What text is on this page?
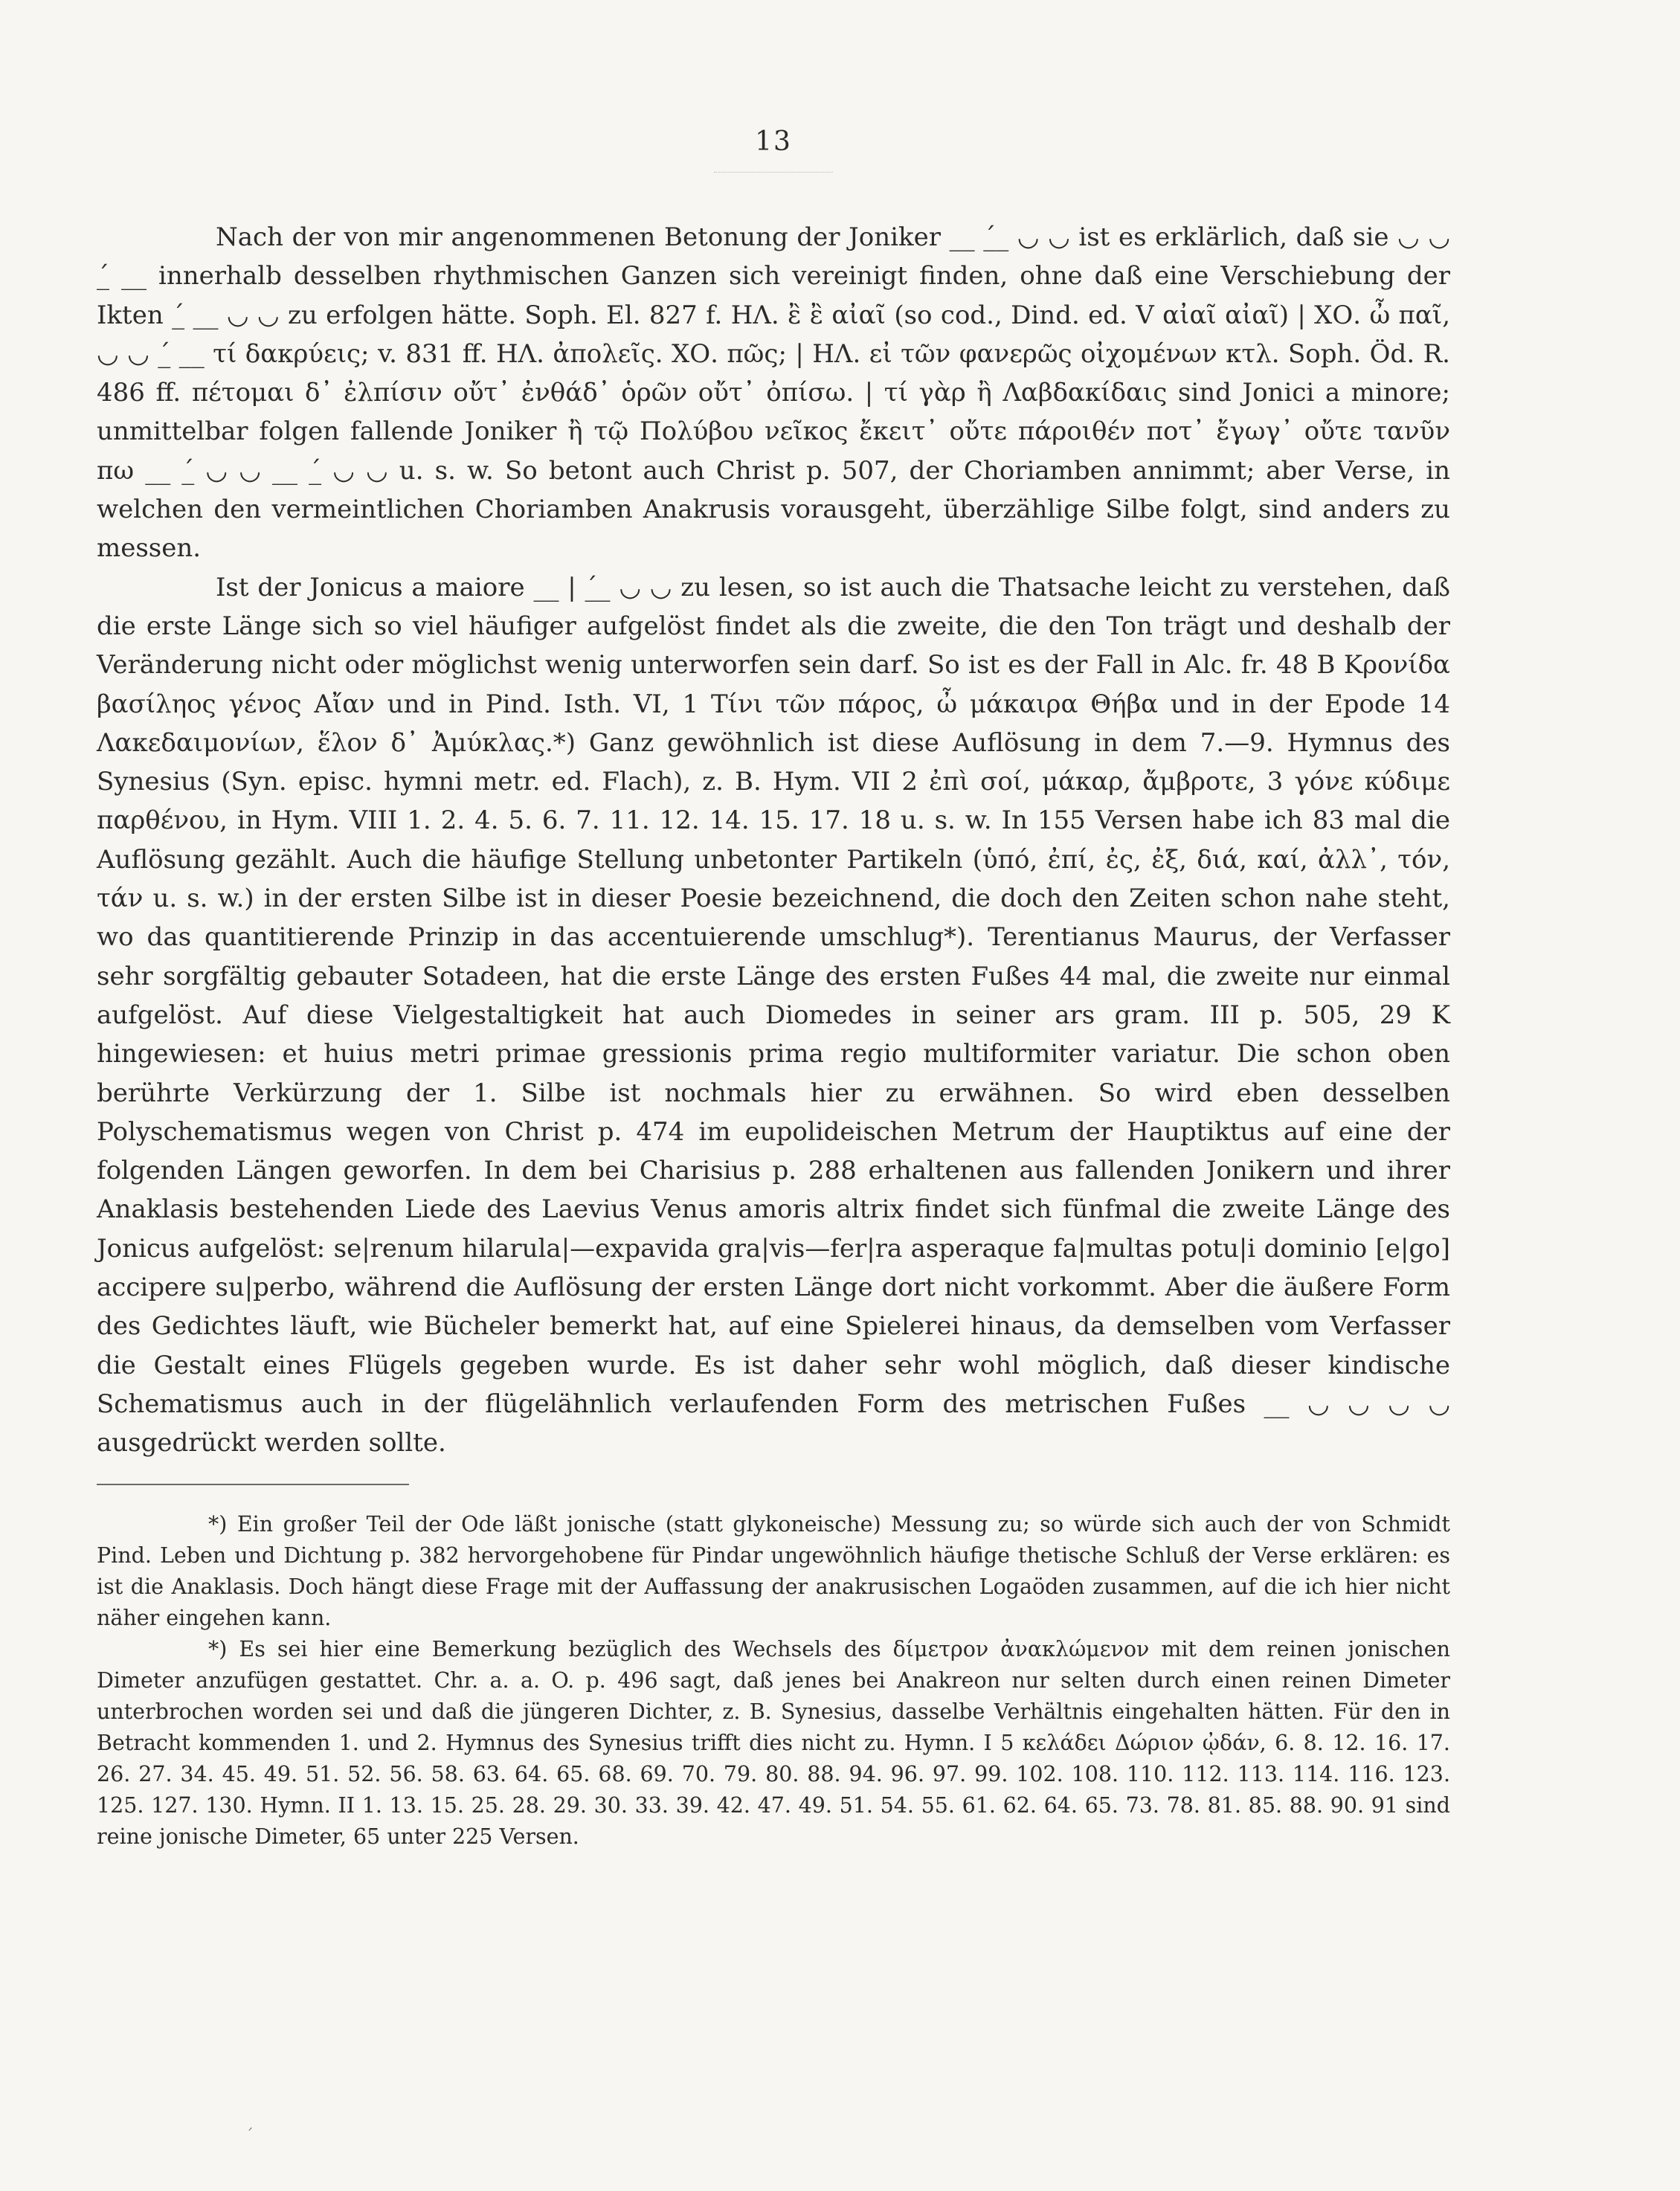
13

Nach der von mir angenommenen Betonung der Joniker __ _́_ ◡ ◡ ist es erklärlich, daß sie ◡ ◡ _́ __ innerhalb desselben rhythmischen Ganzen sich vereinigt finden, ohne daß eine Verschiebung der Ikten _́ __ ◡ ◡ zu erfolgen hätte. Soph. El. 827 f. ΗΛ. ἒ ἒ αἰαῖ (so cod., Dind. ed. V αἰαῖ αἰαῖ) | ΧΟ. ὦ παῖ, ◡ ◡ _́ __ τί δακρύεις; v. 831 ff. ΗΛ. ἀπολεῖς. ΧΟ. πῶς; | ΗΛ. εἰ τῶν φανερῶς οἰχομένων κτλ. Soph. Öd. R. 486 ff. πέτομαι δ᾽ ἐλπίσιν οὔτ᾽ ἐνθάδ᾽ ὁρῶν οὔτ᾽ ὀπίσω. | τί γὰρ ἢ Λαβδακίδαις sind Jonici a minore; unmittelbar folgen fallende Joniker ἢ τῷ Πολύβου νεῖκος ἔκειτ᾽ οὔτε πάροιθέν ποτ᾽ ἔγωγ᾽ οὔτε τανῦν πω __ _́ ◡ ◡ __ _́ ◡ ◡ u. s. w. So betont auch Christ p. 507, der Choriamben annimmt; aber Verse, in welchen den vermeintlichen Choriamben Anakrusis vorausgeht, überzählige Silbe folgt, sind anders zu messen.

Ist der Jonicus a maiore __ | _́_ ◡ ◡ zu lesen, so ist auch die Thatsache leicht zu verstehen, daß die erste Länge sich so viel häufiger aufgelöst findet als die zweite, die den Ton trägt und deshalb der Veränderung nicht oder möglichst wenig unterworfen sein darf. So ist es der Fall in Alc. fr. 48 B Κρονίδα βασίληος γένος Αἴαν und in Pind. Isth. VI, 1 Τίνι τῶν πάρος, ὦ μάκαιρα Θήβα und in der Epode 14 Λακεδαιμονίων, ἕλον δ᾽ Ἀμύκλας.*) Ganz gewöhnlich ist diese Auflösung in dem 7.—9. Hymnus des Synesius (Syn. episc. hymni metr. ed. Flach), z. B. Hym. VII 2 ἐπὶ σοί, μάκαρ, ἄμβροτε, 3 γόνε κύδιμε παρθένου, in Hym. VIII 1. 2. 4. 5. 6. 7. 11. 12. 14. 15. 17. 18 u. s. w. In 155 Versen habe ich 83 mal die Auflösung gezählt. Auch die häufige Stellung unbetonter Partikeln (ὑπό, ἐπί, ἐς, ἐξ, διά, καί, ἀλλ᾽, τόν, τάν u. s. w.) in der ersten Silbe ist in dieser Poesie bezeichnend, die doch den Zeiten schon nahe steht, wo das quantitierende Prinzip in das accentuierende umschlug*). Terentianus Maurus, der Verfasser sehr sorgfältig gebauter Sotadeen, hat die erste Länge des ersten Fußes 44 mal, die zweite nur einmal aufgelöst. Auf diese Vielgestaltigkeit hat auch Diomedes in seiner ars gram. III p. 505, 29 K hingewiesen: et huius metri primae gressionis prima regio multiformiter variatur. Die schon oben berührte Verkürzung der 1. Silbe ist nochmals hier zu erwähnen. So wird eben desselben Polyschematismus wegen von Christ p. 474 im eupolideischen Metrum der Hauptiktus auf eine der folgenden Längen geworfen. In dem bei Charisius p. 288 erhaltenen aus fallenden Jonikern und ihrer Anaklasis bestehenden Liede des Laevius Venus amoris altrix findet sich fünfmal die zweite Länge des Jonicus aufgelöst: se|renum hilarula|—expavida gra|vis—fer|ra asperaque fa|multas potu|i dominio [e|go] accipere su|perbo, während die Auflösung der ersten Länge dort nicht vorkommt. Aber die äußere Form des Gedichtes läuft, wie Bücheler bemerkt hat, auf eine Spielerei hinaus, da demselben vom Verfasser die Gestalt eines Flügels gegeben wurde. Es ist daher sehr wohl möglich, daß dieser kindische Schematismus auch in der flügelähnlich verlaufenden Form des metrischen Fußes __ ◡ ◡ ◡ ◡ ausgedrückt werden sollte.

*) Ein großer Teil der Ode läßt jonische (statt glykoneische) Messung zu; so würde sich auch der von Schmidt Pind. Leben und Dichtung p. 382 hervorgehobene für Pindar ungewöhnlich häufige thetische Schluß der Verse erklären: es ist die Anaklasis. Doch hängt diese Frage mit der Auffassung der anakrusischen Logaöden zusammen, auf die ich hier nicht näher eingehen kann.

*) Es sei hier eine Bemerkung bezüglich des Wechsels des δίμετρον ἀνακλώμενον mit dem reinen jonischen Dimeter anzufügen gestattet. Chr. a. a. O. p. 496 sagt, daß jenes bei Anakreon nur selten durch einen reinen Dimeter unterbrochen worden sei und daß die jüngeren Dichter, z. B. Synesius, dasselbe Verhältnis eingehalten hätten. Für den in Betracht kommenden 1. und 2. Hymnus des Synesius trifft dies nicht zu. Hymn. I 5 κελάδει Δώριον ᾠδάν, 6. 8. 12. 16. 17. 26. 27. 34. 45. 49. 51. 52. 56. 58. 63. 64. 65. 68. 69. 70. 79. 80. 88. 94. 96. 97. 99. 102. 108. 110. 112. 113. 114. 116. 123. 125. 127. 130. Hymn. II 1. 13. 15. 25. 28. 29. 30. 33. 39. 42. 47. 49. 51. 54. 55. 61. 62. 64. 65. 73. 78. 81. 85. 88. 90. 91 sind reine jonische Dimeter, 65 unter 225 Versen.

´
